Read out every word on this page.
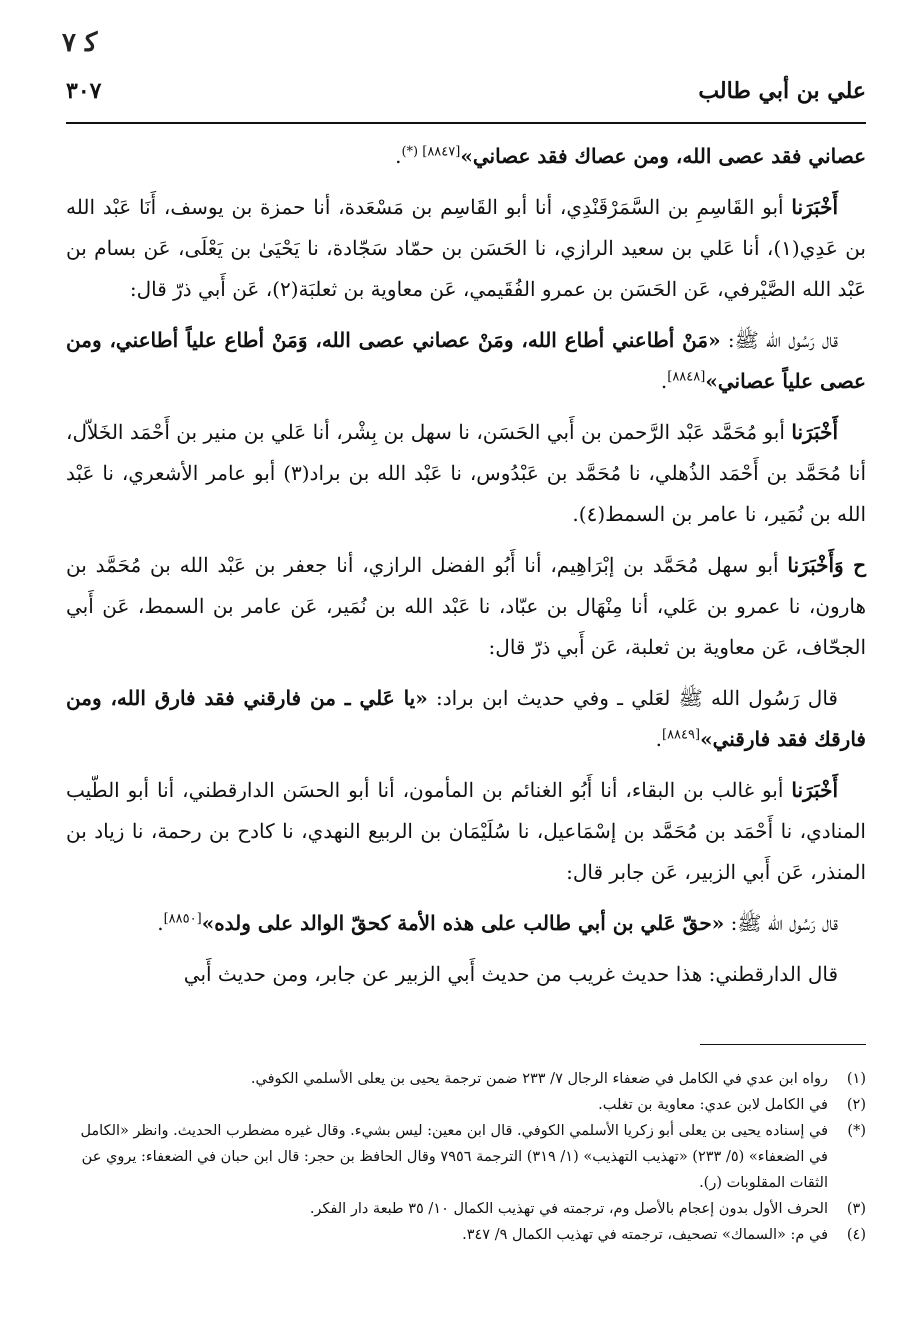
ﮐ ٧
علي بن أبي طالب
٣٠٧

عصاني فقد عصى الله، ومن عصاك فقد عصاني»$^{[٨٨٤٧] (*)}$.

أَخْبَرَنا أبو القَاسِمِ بن السَّمَرْقَنْدِي، أنا أبو القَاسِم بن مَسْعَدة، أنا حمزة بن يوسف، أَنَا عَبْد الله بن عَدِي(١)، أنا عَلي بن سعيد الرازي، نا الحَسَن بن حمّاد سَجّادة، نا يَحْيَىٰ بن يَعْلَى، عَن بسام بن عَبْد الله الصَّيْرفي، عَن الحَسَن بن عمرو الفُقَيمي، عَن معاوية بن ثعلبَة(٢)، عَن أَبي ذرّ قال:

قال رَسُول الله ﷺ: «مَنْ أطاعني أطاع الله، ومَنْ عصاني عصى الله، وَمَنْ أطاع علياً أطاعني، ومن عصى علياً عصاني»[٨٨٤٨].

أَخْبَرَنا أبو مُحَمَّد عَبْد الرَّحمن بن أَبي الحَسَن، نا سهل بن بِشْر، أنا عَلي بن منير بن أَحْمَد الخَلاّل، أنا مُحَمَّد بن أَحْمَد الذُهلي، نا مُحَمَّد بن عَبْدُوس، نا عَبْد الله بن براد(٣) أبو عامر الأشعري، نا عَبْد الله بن نُمَير، نا عامر بن السمط(٤).

ح وَأَخْبَرَنا أبو سهل مُحَمَّد بن إبْرَاهِيم، أنا أَبُو الفضل الرازي، أنا جعفر بن عَبْد الله بن مُحَمَّد بن هارون، نا عمرو بن عَلي، أنا مِنْهَال بن عبّاد، نا عَبْد الله بن نُمَير، عَن عامر بن السمط، عَن أَبي الجحّاف، عَن معاوية بن ثعلبة، عَن أَبي ذرّ قال:

قال رَسُول الله ﷺ لعَلي ـ وفي حديث ابن براد: «يا عَلي ـ من فارقني فقد فارق الله، ومن فارقك فقد فارقني»[٨٨٤٩].

أَخْبَرَنا أبو غالب بن البقاء، أنا أَبُو الغنائم بن المأمون، أنا أبو الحسَن الدارقطني، أنا أبو الطّيب المنادي، نا أَحْمَد بن مُحَمَّد بن إسْمَاعيل، نا سُلَيْمَان بن الربيع النهدي، نا كادح بن رحمة، نا زياد بن المنذر، عَن أَبي الزبير، عَن جابر قال:

قال رَسُول الله ﷺ: «حقّ عَلي بن أبي طالب على هذه الأمة كحقّ الوالد على ولده»[٨٨٥٠].

قال الدارقطني: هذا حديث غريب من حديث أَبي الزبير عن جابر، ومن حديث أَبي

(١)
رواه ابن عدي في الكامل في ضعفاء الرجال ٧/ ٢٣٣ ضمن ترجمة يحيى بن يعلى الأسلمي الكوفي.
(٢)
في الكامل لابن عدي: معاوية بن تغلب.
(*)
في إسناده يحيى بن يعلى أبو زكريا الأسلمي الكوفي. قال ابن معين: ليس بشيء. وقال غيره مضطرب الحديث. وانظر «الكامل في الضعفاء» (٥/ ٢٣٣) «تهذيب التهذيب» (١/ ٣١٩) الترجمة ٧٩٥٦ وقال الحافظ بن حجر: قال ابن حبان في الضعفاء: يروي عن الثقات المقلوبات (ر).
(٣)
الحرف الأول بدون إعجام بالأصل وم، ترجمته في تهذيب الكمال ١٠/ ٣٥ طبعة دار الفكر.
(٤)
في م: «السماك» تصحيف، ترجمته في تهذيب الكمال ٩/ ٣٤٧.
